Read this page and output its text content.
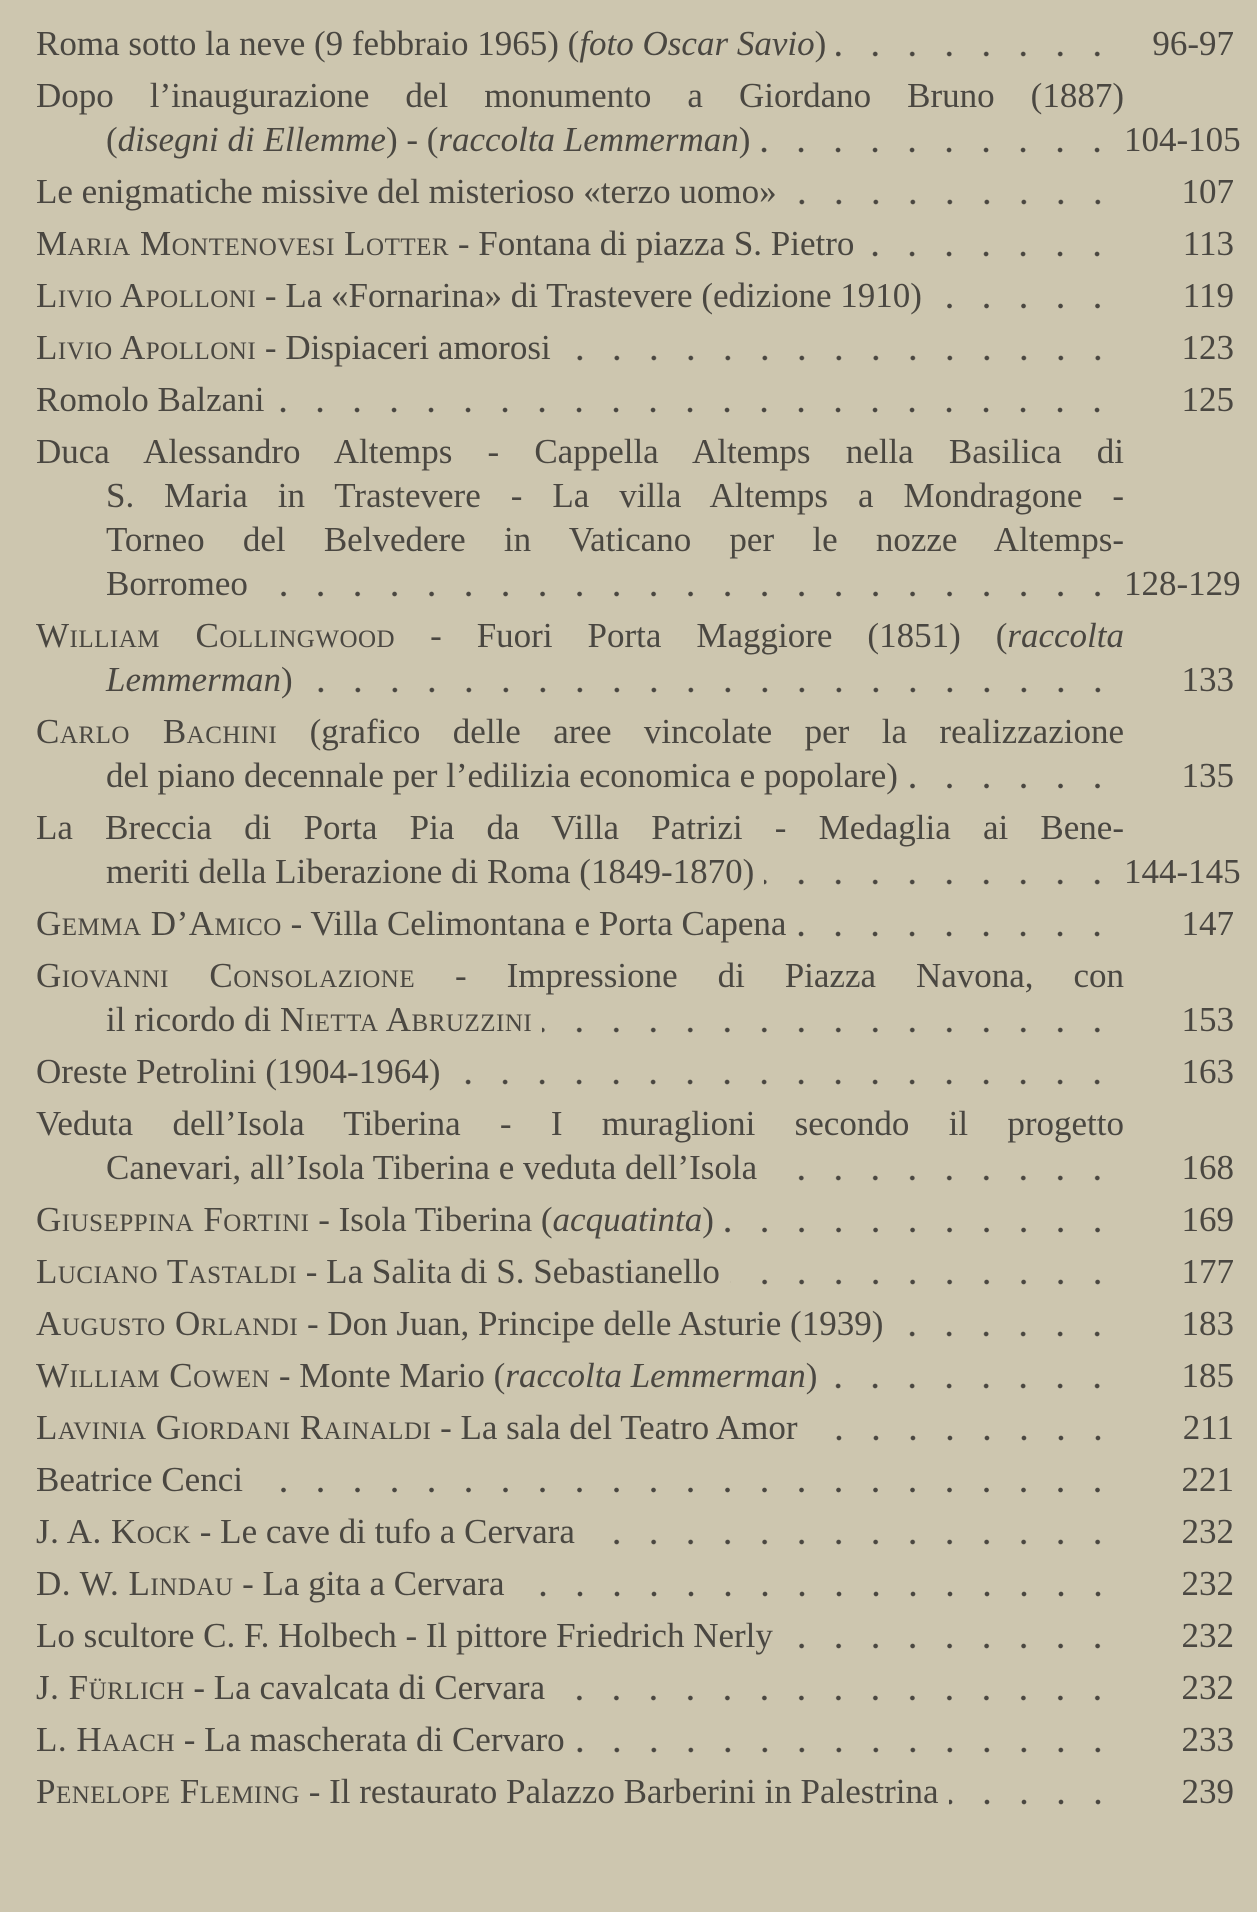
Roma sotto la neve (9 febbraio 1965) (foto Oscar Savio)	96-97
Dopo l’inaugurazione del monumento a Giordano Bruno (1887)
(disegni di Ellemme) - (raccolta Lemmerman)	104-105
Le enigmatiche missive del misterioso «terzo uomo»	107
Maria Montenovesi Lotter - Fontana di piazza S. Pietro	113
Livio Apolloni - La «Fornarina» di Trastevere (edizione 1910)	119
Livio Apolloni - Dispiaceri amorosi	123
Romolo Balzani	125
Duca Alessandro Altemps - Cappella Altemps nella Basilica di
S. Maria in Trastevere - La villa Altemps a Mondragone -
Torneo del Belvedere in Vaticano per le nozze Altemps-
Borromeo	128-129
William Collingwood - Fuori Porta Maggiore (1851) (raccolta
Lemmerman)	133
Carlo Bachini (grafico delle aree vincolate per la realizzazione
del piano decennale per l’edilizia economica e popolare)	135
La Breccia di Porta Pia da Villa Patrizi - Medaglia ai Bene-
meriti della Liberazione di Roma (1849-1870)	144-145
Gemma D’Amico - Villa Celimontana e Porta Capena	147
Giovanni Consolazione - Impressione di Piazza Navona, con
il ricordo di Nietta Abruzzini	153
Oreste Petrolini (1904-1964)	163
Veduta dell’Isola Tiberina - I muraglioni secondo il progetto
Canevari, all’Isola Tiberina e veduta dell’Isola	168
Giuseppina Fortini - Isola Tiberina (acquatinta)	169
Luciano Tastaldi - La Salita di S. Sebastianello	177
Augusto Orlandi - Don Juan, Principe delle Asturie (1939)	183
William Cowen - Monte Mario (raccolta Lemmerman)	185
Lavinia Giordani Rainaldi - La sala del Teatro Amor	211
Beatrice Cenci	221
J. A. Kock - Le cave di tufo a Cervara	232
D. W. Lindau - La gita a Cervara	232
Lo scultore C. F. Holbech - Il pittore Friedrich Nerly	232
J. Fürlich - La cavalcata di Cervara	232
L. Haach - La mascherata di Cervaro	233
Penelope Fleming - Il restaurato Palazzo Barberini in Palestrina	239
